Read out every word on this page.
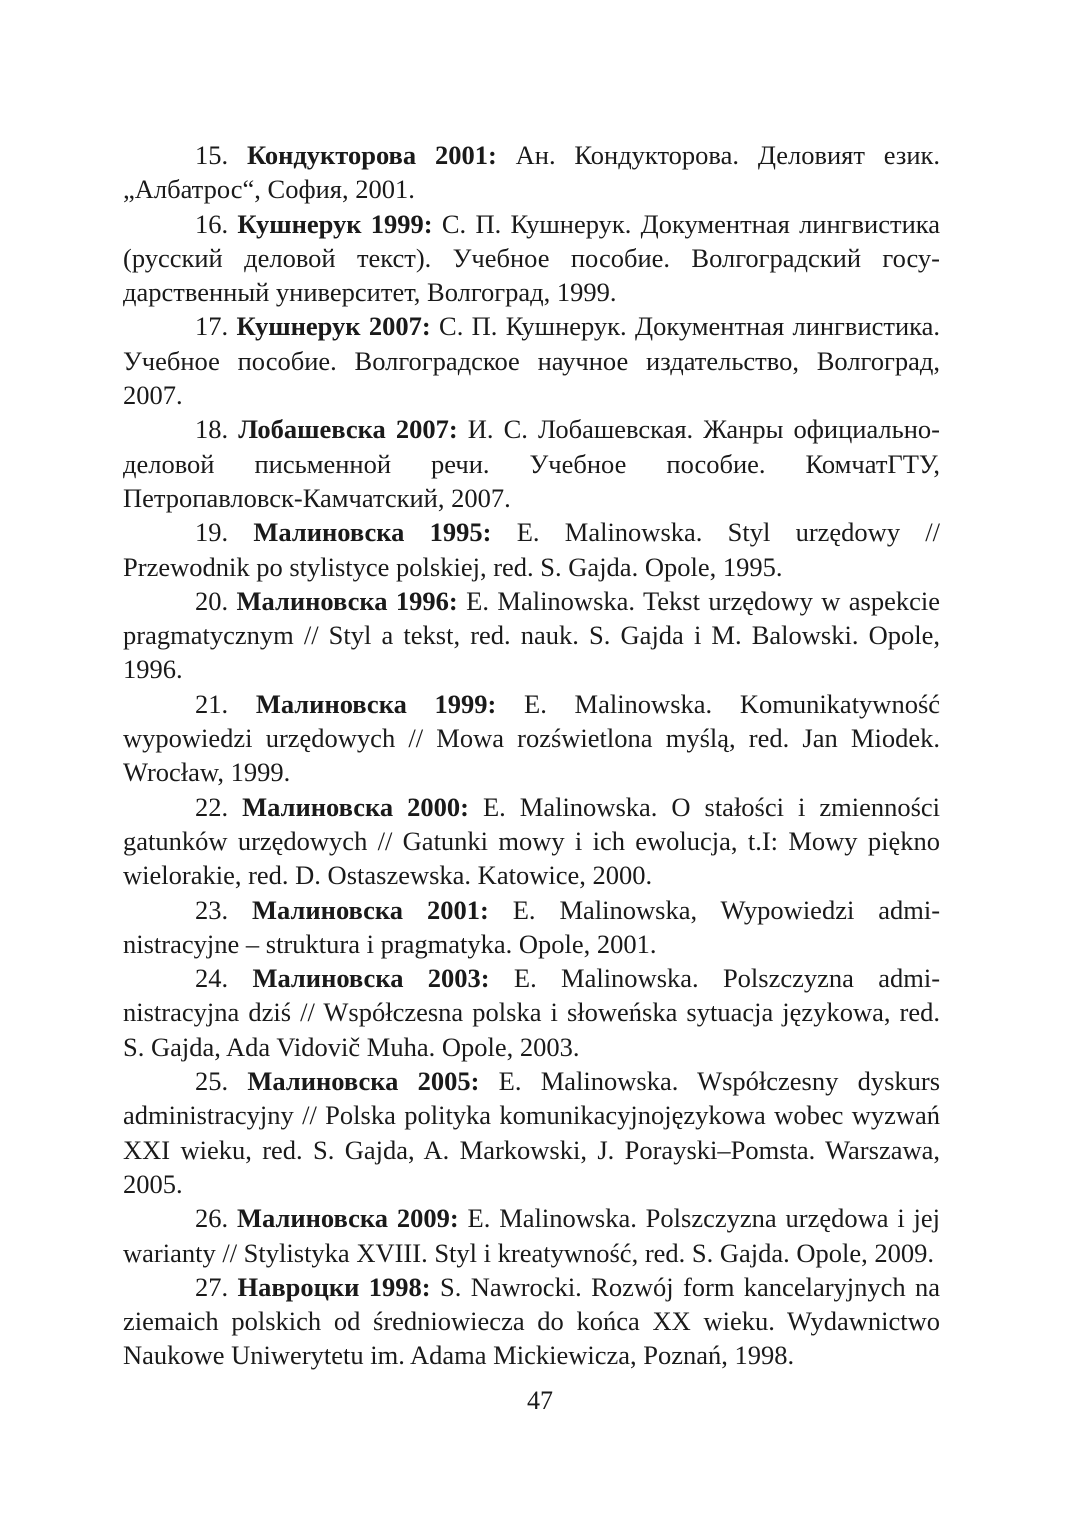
15. Кондукторова 2001: Ан. Кондукторова. Деловият език. „Албатрос“, София, 2001.

16. Кушнерук 1999: С. П. Кушнерук. Документная лингвистика (русский деловой текст). Учебное пособие. Волгоградский государственный университет, Волгоград, 1999.

17. Кушнерук 2007: С. П. Кушнерук. Документная лингвистика. Учебное пособие. Волгоградское научное издательство, Волгоград, 2007.

18. Лобашевска 2007: И. С. Лобашевская. Жанры официально-деловой письменной речи. Учебное пособие. КомчатГТУ, Петропавловск-Камчатский, 2007.

19. Малиновска 1995: E. Malinowska. Styl urzędowy // Przewodnik po stylistyce polskiej, red. S. Gajda. Opole, 1995.

20. Малиновска 1996: E. Malinowska. Tekst urzędowy w aspekcie pragmatycznym // Styl a tekst, red. nauk. S. Gajda i M. Balowski. Opole, 1996.

21. Малиновска 1999: E. Malinowska. Komunikatywność wypowiedzi urzędowych // Mowa rozświetlona myślą, red. Jan Miodek. Wrocław, 1999.

22. Малиновска 2000: E. Malinowska. O stałości i zmienności gatunków urzędowych // Gatunki mowy i ich ewolucja, t.I: Mowy piękno wielorakie, red. D. Ostaszewska. Katowice, 2000.

23. Малиновска 2001: E. Malinowska, Wypowiedzi administracyjne – struktura i pragmatyka. Opole, 2001.

24. Малиновска 2003: E. Malinowska. Polszczyzna administracyjna dziś // Współczesna polska i słoweńska sytuacja językowa, red. S. Gajda, Ada Vidovič Muha. Opole, 2003.

25. Малиновска 2005: E. Malinowska. Współczesny dyskurs administracyjny // Polska polityka komunikacyjnojęzykowa wobec wyzwań XXI wieku, red. S. Gajda, A. Markowski, J. Porayski–Pomsta. Warszawa, 2005.

26. Малиновска 2009: E. Malinowska. Polszczyzna urzędowa i jej warianty // Stylistyka XVIII. Styl i kreatywność, red. S. Gajda. Opole, 2009.

27. Навроцки 1998: S. Nawrocki. Rozwój form kancelaryjnych na ziemaich polskich od średniowiecza do końca XX wieku. Wydawnictwo Naukowe Uniwerytetu im. Adama Mickiewicza, Poznań, 1998.

47
